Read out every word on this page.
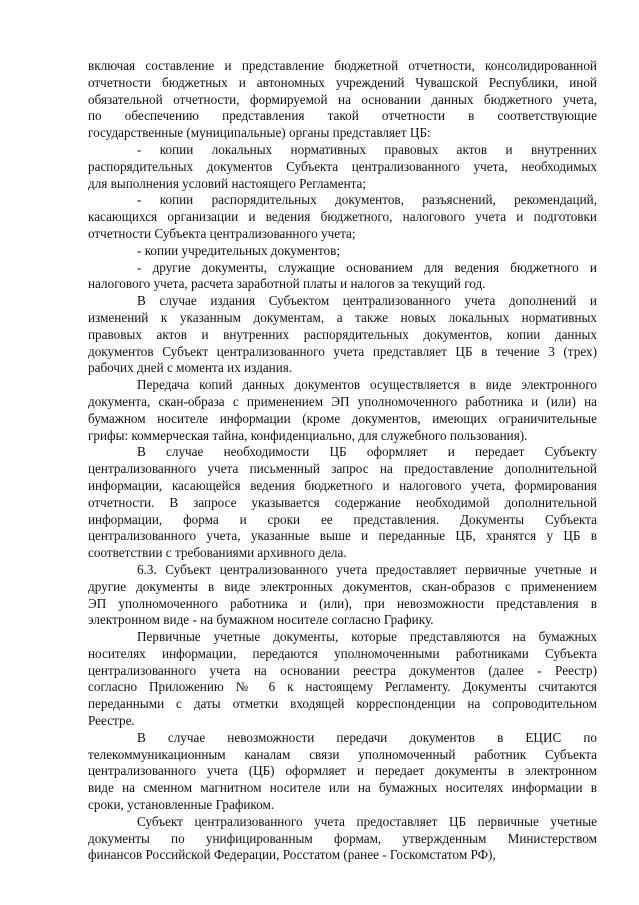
включая составление и представление бюджетной отчетности, консолидированной
отчетности бюджетных и автономных учреждений Чувашской Республики, иной
обязательной отчетности, формируемой на основании данных бюджетного учета,
по обеспечению представления такой отчетности в соответствующие
государственные (муниципальные) органы представляет ЦБ:
- копии локальных нормативных правовых актов и внутренних
распорядительных документов Субъекта централизованного учета, необходимых
для выполнения условий настоящего Регламента;
- копии распорядительных документов, разъяснений, рекомендаций,
касающихся организации и ведения бюджетного, налогового учета и подготовки
отчетности Субъекта централизованного учета;
- копии учредительных документов;
- другие документы, служащие основанием для ведения бюджетного и
налогового учета, расчета заработной платы и налогов за текущий год.
В случае издания Субъектом централизованного учета дополнений и
изменений к указанным документам, а также новых локальных нормативных
правовых актов и внутренних распорядительных документов, копии данных
документов Субъект централизованного учета представляет ЦБ в течение 3 (трех)
рабочих дней с момента их издания.
Передача копий данных документов осуществляется в виде электронного
документа, скан-образа с применением ЭП уполномоченного работника и (или) на
бумажном носителе информации (кроме документов, имеющих ограничительные
грифы: коммерческая тайна, конфиденциально, для служебного пользования).
В случае необходимости ЦБ оформляет и передает Субъекту
централизованного учета письменный запрос на предоставление дополнительной
информации, касающейся ведения бюджетного и налогового учета, формирования
отчетности. В запросе указывается содержание необходимой дополнительной
информации, форма и сроки ее представления. Документы Субъекта
централизованного учета, указанные выше и переданные ЦБ, хранятся у ЦБ в
соответствии с требованиями архивного дела.
6.3. Субъект централизованного учета предоставляет первичные учетные и
другие документы в виде электронных документов, скан-образов с применением
ЭП уполномоченного работника и (или), при невозможности представления в
электронном виде - на бумажном носителе согласно Графику.
Первичные учетные документы, которые представляются на бумажных
носителях информации, передаются уполномоченными работниками Субъекта
централизованного учета на основании реестра документов (далее - Реестр)
согласно Приложению № 6 к настоящему Регламенту. Документы считаются
переданными с даты отметки входящей корреспонденции на сопроводительном
Реестре.
В случае невозможности передачи документов в ЕЦИС по
телекоммуникационным каналам связи уполномоченный работник Субъекта
централизованного учета (ЦБ) оформляет и передает документы в электронном
виде на сменном магнитном носителе или на бумажных носителях информации в
сроки, установленные Графиком.
Субъект централизованного учета предоставляет ЦБ первичные учетные
документы по унифицированным формам, утвержденным Министерством
финансов Российской Федерации, Росстатом (ранее - Госкомстатом РФ),
